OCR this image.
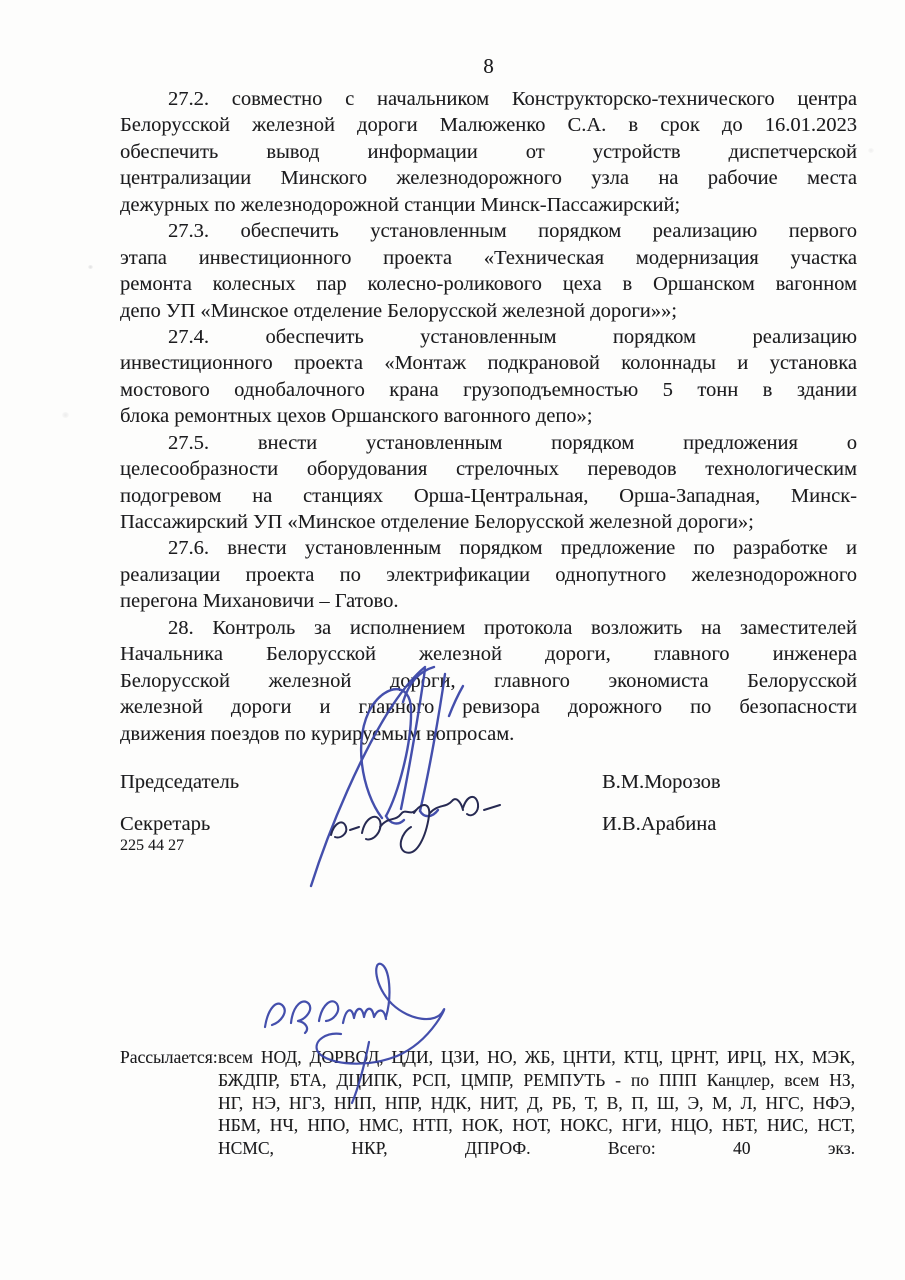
8
27.2. совместно с начальником Конструкторско-технического центра
Белорусской железной дороги Малюженко С.А. в срок до 16.01.2023
обеспечить вывод информации от устройств диспетчерской
централизации Минского железнодорожного узла на рабочие места
дежурных по железнодорожной станции Минск-Пассажирский;
27.3. обеспечить установленным порядком реализацию первого
этапа инвестиционного проекта «Техническая модернизация участка
ремонта колесных пар колесно-роликового цеха в Оршанском вагонном
депо УП «Минское отделение Белорусской железной дороги»»;
27.4. обеспечить установленным порядком реализацию
инвестиционного проекта «Монтаж подкрановой колоннады и установка
мостового однобалочного крана грузоподъемностью 5 тонн в здании
блока ремонтных цехов Оршанского вагонного депо»;
27.5. внести установленным порядком предложения о
целесообразности оборудования стрелочных переводов технологическим
подогревом на станциях Орша-Центральная, Орша-Западная, Минск-
Пассажирский УП «Минское отделение Белорусской железной дороги»;
27.6. внести установленным порядком предложение по разработке и
реализации проекта по электрификации однопутного железнодорожного
перегона Михановичи – Гатово.
28. Контроль за исполнением протокола возложить на заместителей
Начальника Белорусской железной дороги, главного инженера
Белорусской железной дороги, главного экономиста Белорусской
железной дороги и главного ревизора дорожного по безопасности
движения поездов по курируемым вопросам.
Председатель	В.М.Морозов
Секретарь	И.В.Арабина
225 44 27
Рассылается: всем НОД, ДОРВОД, ЦДИ, ЦЗИ, НО, ЖБ, ЦНТИ, КТЦ, ЦРНТ, ИРЦ, НХ, МЭК,
БЖДПР, БТА, ДЦИПК, РСП, ЦМПР, РЕМПУТЬ - по ППП Канцлер, всем НЗ,
НГ, НЭ, НГЗ, НПП, НПР, НДК, НИТ, Д, РБ, Т, В, П, Ш, Э, М, Л, НГС, НФЭ,
НБМ, НЧ, НПО, НМС, НТП, НОК, НОТ, НОКС, НГИ, НЦО, НБТ, НИС, НСТ,
НСМС, НКР, ДПРОФ. Всего: 40 экз.
